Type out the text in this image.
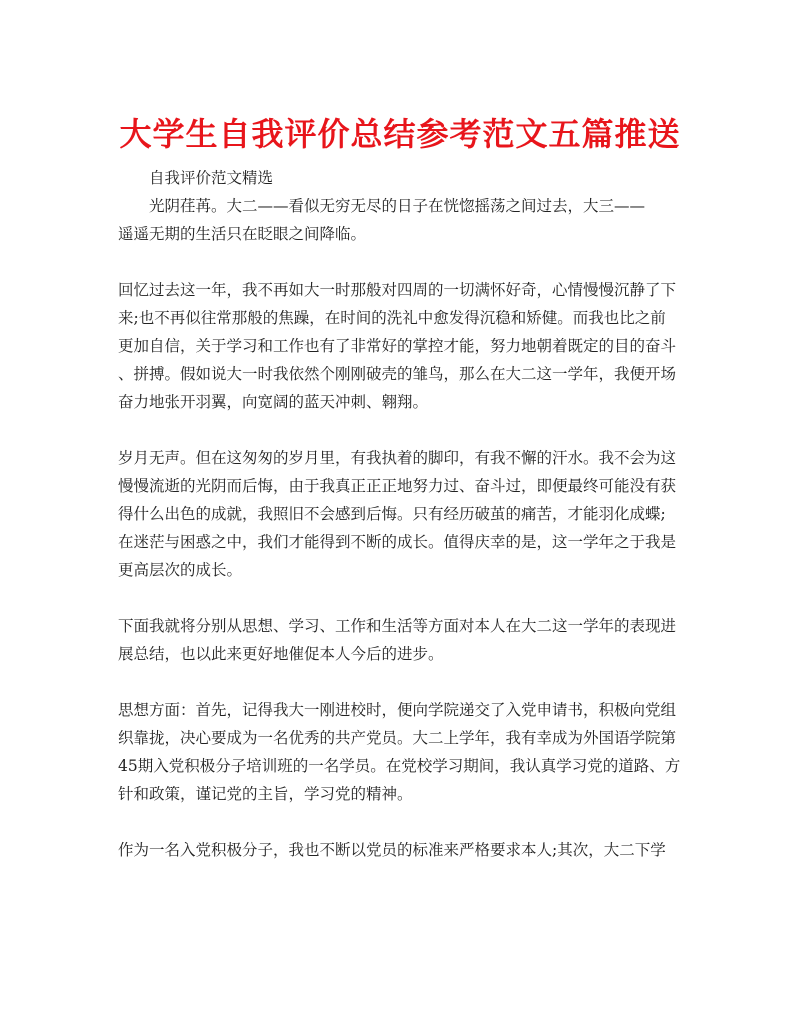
大学生自我评价总结参考范文五篇推送
自我评价范文精选
光阴荏苒。大二——看似无穷无尽的日子在恍惚摇荡之间过去，大三——
遥遥无期的生活只在眨眼之间降临。
回忆过去这一年，我不再如大一时那般对四周的一切满怀好奇，心情慢慢沉静了下
来;也不再似往常那般的焦躁，在时间的洗礼中愈发得沉稳和矫健。而我也比之前
更加自信，关于学习和工作也有了非常好的掌控才能，努力地朝着既定的目的奋斗
、拼搏。假如说大一时我依然个刚刚破壳的雏鸟，那么在大二这一学年，我便开场
奋力地张开羽翼，向宽阔的蓝天冲刺、翱翔。
岁月无声。但在这匆匆的岁月里，有我执着的脚印，有我不懈的汗水。我不会为这
慢慢流逝的光阴而后悔，由于我真正正正地努力过、奋斗过，即便最终可能没有获
得什么出色的成就，我照旧不会感到后悔。只有经历破茧的痛苦，才能羽化成蝶;
在迷茫与困惑之中，我们才能得到不断的成长。值得庆幸的是，这一学年之于我是
更高层次的成长。
下面我就将分别从思想、学习、工作和生活等方面对本人在大二这一学年的表现进
展总结，也以此来更好地催促本人今后的进步。
思想方面：首先，记得我大一刚进校时，便向学院递交了入党申请书，积极向党组
织靠拢，决心要成为一名优秀的共产党员。大二上学年，我有幸成为外国语学院第
45期入党积极分子培训班的一名学员。在党校学习期间，我认真学习党的道路、方
针和政策，谨记党的主旨，学习党的精神。
作为一名入党积极分子，我也不断以党员的标准来严格要求本人;其次，大二下学
